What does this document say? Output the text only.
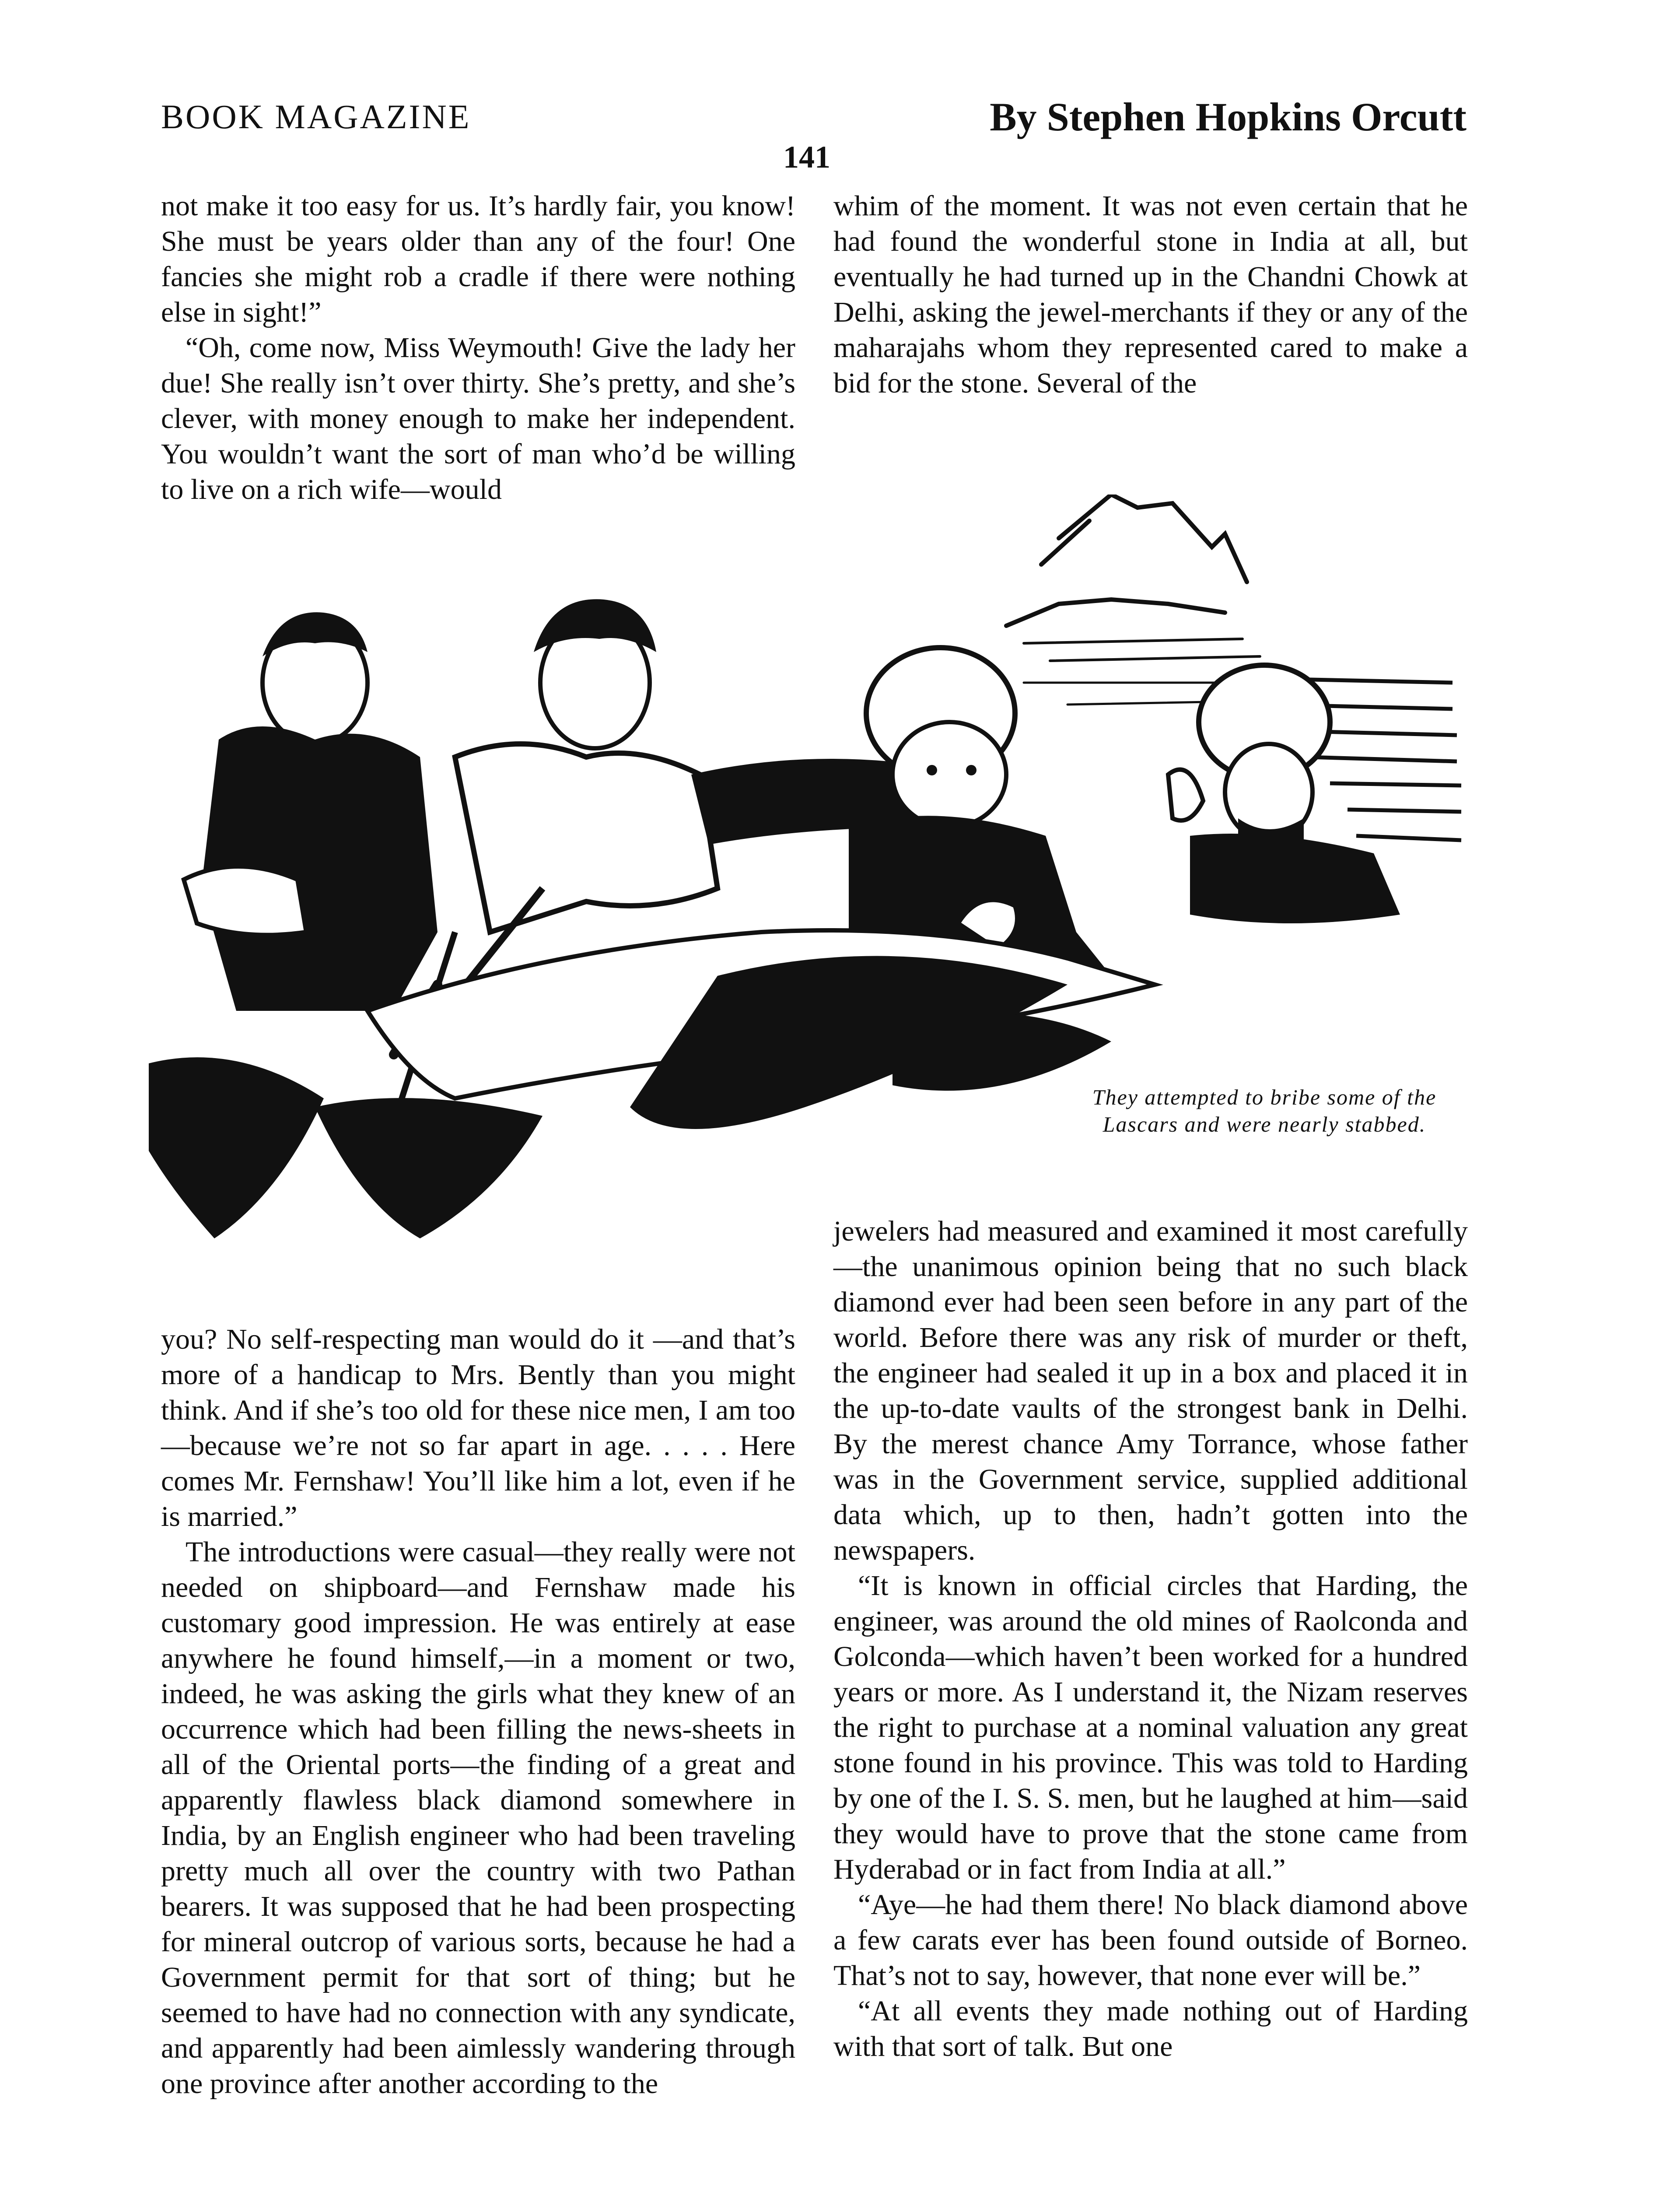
BOOK MAGAZINE	By Stephen Hopkins Orcutt
141

not make it too easy for us. It’s hardly fair, you know! She must be years older than any of the four! One fancies she might rob a cradle if there were nothing else in sight!”

“Oh, come now, Miss Weymouth! Give the lady her due! She really isn’t over thirty. She’s pretty, and she’s clever, with money enough to make her independent. You wouldn’t want the sort of man who’d be willing to live on a rich wife—would

whim of the moment. It was not even certain that he had found the wonderful stone in India at all, but eventually he had turned up in the Chandni Chowk at Delhi, asking the jewel-merchants if they or any of the maharajahs whom they represented cared to make a bid for the stone. Several of the

They attempted to bribe some of the Lascars and were nearly stabbed.

you? No self-respecting man would do it —and that’s more of a handicap to Mrs. Bently than you might think. And if she’s too old for these nice men, I am too—because we’re not so far apart in age. . . . . Here comes Mr. Fernshaw! You’ll like him a lot, even if he is married.”

The introductions were casual—they really were not needed on shipboard—and Fernshaw made his customary good impression. He was entirely at ease anywhere he found himself,—in a moment or two, indeed, he was asking the girls what they knew of an occurrence which had been filling the news-sheets in all of the Oriental ports—the finding of a great and apparently flawless black diamond somewhere in India, by an English engineer who had been traveling pretty much all over the country with two Pathan bearers. It was supposed that he had been prospecting for mineral outcrop of various sorts, because he had a Government permit for that sort of thing; but he seemed to have had no connection with any syndicate, and apparently had been aimlessly wandering through one province after another according to the

jewelers had measured and examined it most carefully—the unanimous opinion being that no such black diamond ever had been seen before in any part of the world. Before there was any risk of murder or theft, the engineer had sealed it up in a box and placed it in the up-to-date vaults of the strongest bank in Delhi. By the merest chance Amy Torrance, whose father was in the Government service, supplied additional data which, up to then, hadn’t gotten into the newspapers.

“It is known in official circles that Harding, the engineer, was around the old mines of Raolconda and Golconda—which haven’t been worked for a hundred years or more. As I understand it, the Nizam reserves the right to purchase at a nominal valuation any great stone found in his province. This was told to Harding by one of the I. S. S. men, but he laughed at him—said they would have to prove that the stone came from Hyderabad or in fact from India at all.”

“Aye—he had them there! No black diamond above a few carats ever has been found outside of Borneo. That’s not to say, however, that none ever will be.”

“At all events they made nothing out of Harding with that sort of talk. But one
